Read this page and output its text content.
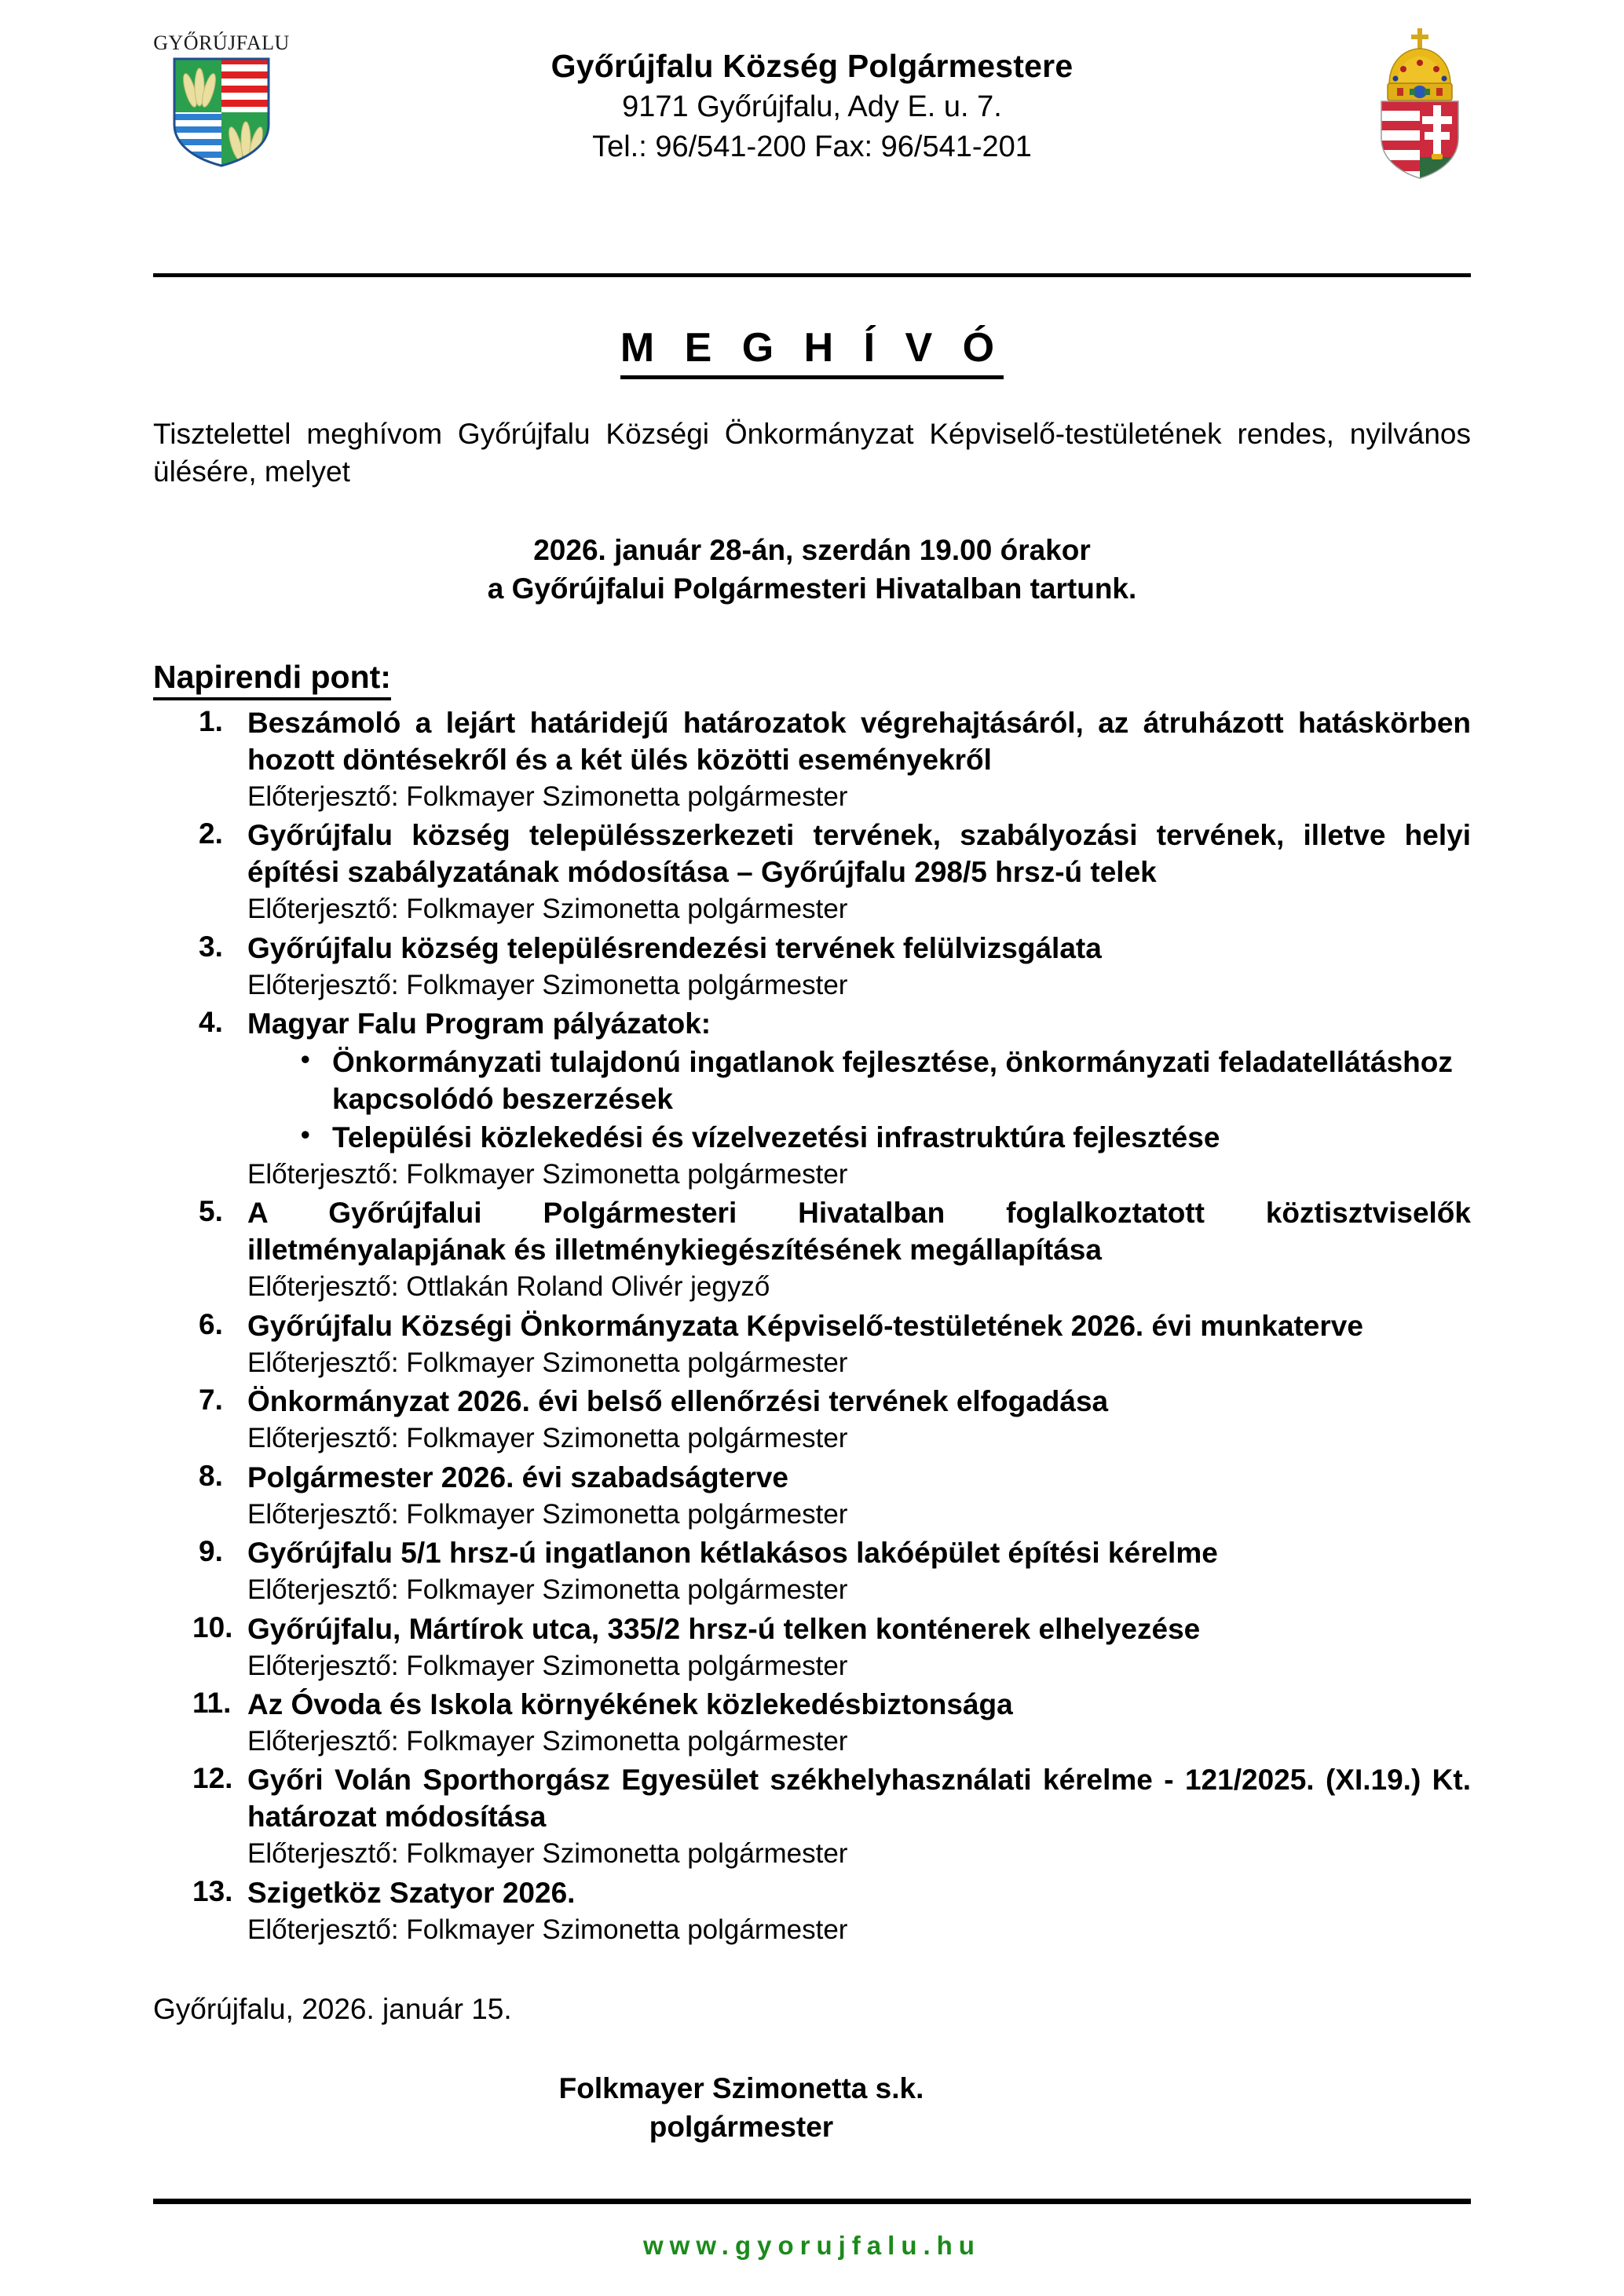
GYŐRÚJFALU
Győrújfalu Község Polgármestere
9171 Győrújfalu, Ady E. u. 7.
Tel.: 96/541-200 Fax: 96/541-201
M E G H Í V Ó
Tisztelettel meghívom Győrújfalu Községi Önkormányzat Képviselő-testületének rendes, nyilvános ülésére, melyet
2026. január 28-án, szerdán 19.00 órakor
a Győrújfalui Polgármesteri Hivatalban tartunk.
Napirendi pont:
1. Beszámoló a lejárt határidejű határozatok végrehajtásáról, az átruházott hatáskörben hozott döntésekről és a két ülés közötti eseményekről
Előterjesztő: Folkmayer Szimonetta polgármester
2. Győrújfalu község településszerkezeti tervének, szabályozási tervének, illetve helyi építési szabályzatának módosítása – Győrújfalu 298/5 hrsz-ú telek
Előterjesztő: Folkmayer Szimonetta polgármester
3. Győrújfalu község településrendezési tervének felülvizsgálata
Előterjesztő: Folkmayer Szimonetta polgármester
4. Magyar Falu Program pályázatok:
• Önkormányzati tulajdonú ingatlanok fejlesztése, önkormányzati feladatellátáshoz kapcsolódó beszerzések
• Települési közlekedési és vízelvezetési infrastruktúra fejlesztése
Előterjesztő: Folkmayer Szimonetta polgármester
5. A Győrújfalui Polgármesteri Hivatalban foglalkoztatott köztisztviselők illetményalapjának és illetménykiegészítésének megállapítása
Előterjesztő: Ottlakán Roland Olivér jegyző
6. Győrújfalu Községi Önkormányzata Képviselő-testületének 2026. évi munkaterve
Előterjesztő: Folkmayer Szimonetta polgármester
7. Önkormányzat 2026. évi belső ellenőrzési tervének elfogadása
Előterjesztő: Folkmayer Szimonetta polgármester
8. Polgármester 2026. évi szabadságterve
Előterjesztő: Folkmayer Szimonetta polgármester
9. Győrújfalu 5/1 hrsz-ú ingatlanon kétlakásos lakóépület építési kérelme
Előterjesztő: Folkmayer Szimonetta polgármester
10. Győrújfalu, Mártírok utca, 335/2 hrsz-ú telken konténerek elhelyezése
Előterjesztő: Folkmayer Szimonetta polgármester
11. Az Óvoda és Iskola környékének közlekedésbiztonsága
Előterjesztő: Folkmayer Szimonetta polgármester
12. Győri Volán Sporthorgász Egyesület székhelyhasználati kérelme - 121/2025. (XI.19.) Kt. határozat módosítása
Előterjesztő: Folkmayer Szimonetta polgármester
13. Szigetköz Szatyor 2026.
Előterjesztő: Folkmayer Szimonetta polgármester
Győrújfalu, 2026. január 15.
Folkmayer Szimonetta s.k.
polgármester
www.gyorujfalu.hu
